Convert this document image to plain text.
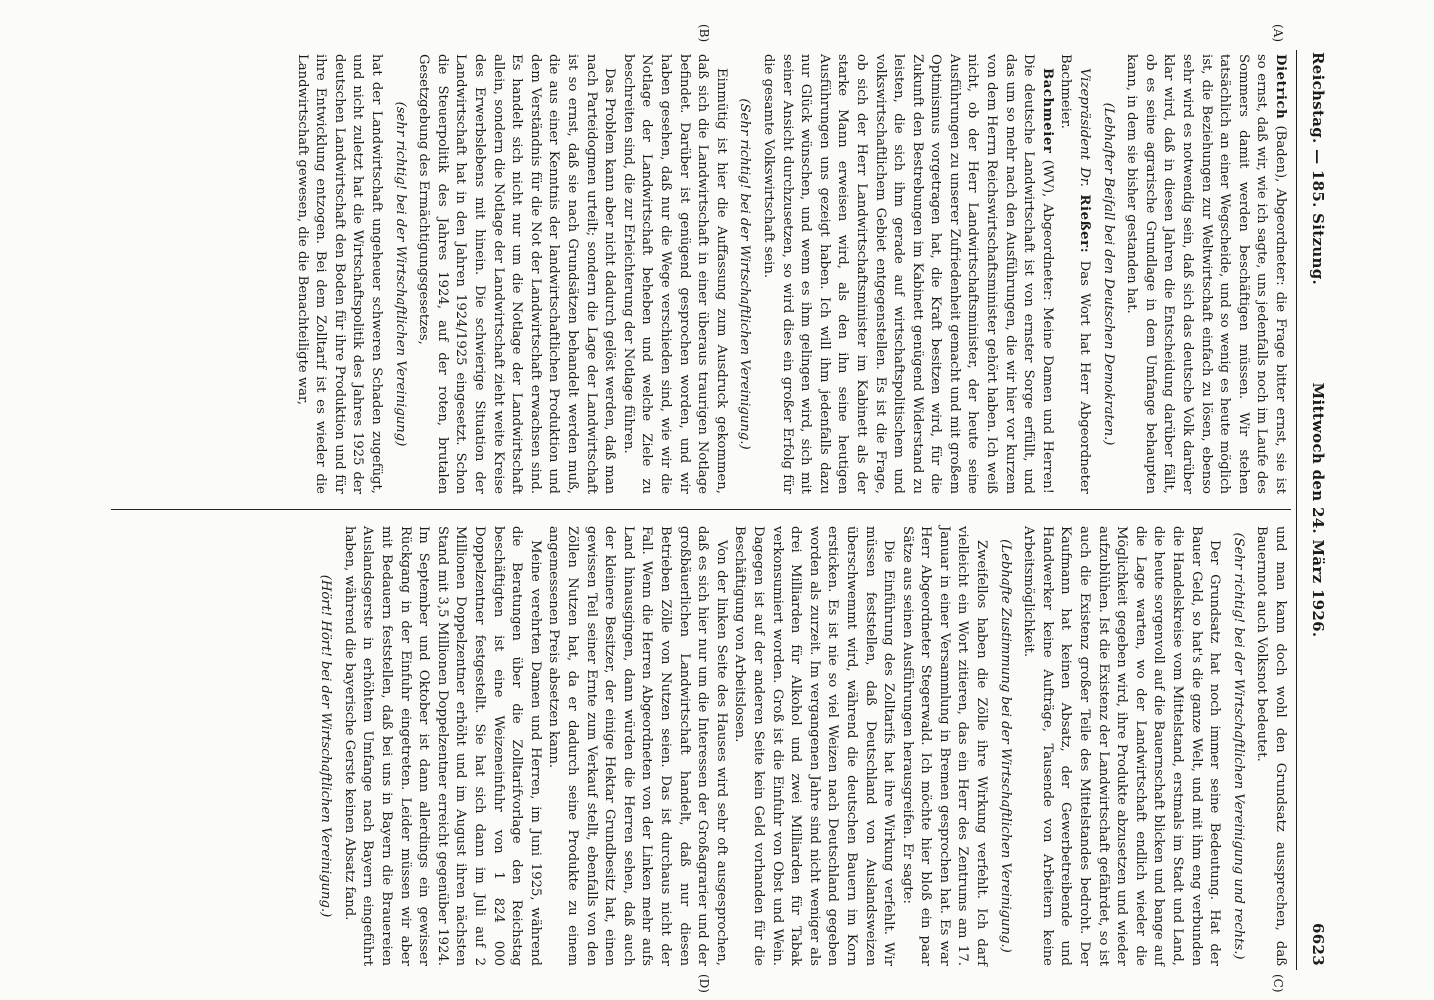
Reichstag. — 185. Sitzung.
Mittwoch den 24. März 1926.
6623
(A)
(B)
(C)
(D)

Dietrich (Baden), Abgeordneter: die Frage bitter ernst, sie ist so ernst, daß wir, wie ich sagte, uns jedenfalls noch im Laufe des Sommers damit werden beschäftigen müssen. Wir stehen tatsächlich an einer Wegscheide, und so wenig es heute möglich ist, die Beziehungen zur Weltwirtschaft einfach zu lösen, ebenso sehr wird es notwendig sein, daß sich das deutsche Volk darüber klar wird, daß in diesen Jahren die Entscheidung darüber fällt, ob es seine agrarische Grundlage in dem Umfange behaupten kann, in dem sie bisher gestanden hat.

(Lebhafter Beifall bei den Deutschen Demokraten.)

Vizepräsident Dr. Rießer: Das Wort hat Herr Abgeordneter Bachmeier.

Bachmeier (WV), Abgeordneter: Meine Damen und Herren! Die deutsche Landwirtschaft ist von ernster Sorge erfüllt, und das um so mehr nach den Ausführungen, die wir hier vor kurzem von dem Herrn Reichswirtschaftsminister gehört haben. Ich weiß nicht, ob der Herr Landwirtschaftsminister, der heute seine Ausführungen zu unserer Zufriedenheit gemacht und mit großem Optimismus vorgetragen hat, die Kraft besitzen wird, für die Zukunft den Bestrebungen im Kabinett genügend Widerstand zu leisten, die sich ihm gerade auf wirtschaftspolitischem und volkswirtschaftlichem Gebiet entgegenstellen. Es ist die Frage, ob sich der Herr Landwirtschaftsminister im Kabinett als der starke Mann erweisen wird, als den ihn seine heutigen Ausführungen uns gezeigt haben. Ich will ihm jedenfalls dazu nur Glück wünschen, und wenn es ihm gelingen wird, sich mit seiner Ansicht durchzusetzen, so wird dies ein großer Erfolg für die gesamte Volkswirtschaft sein.

(Sehr richtig! bei der Wirtschaftlichen Vereinigung.)

Einmütig ist hier die Auffassung zum Ausdruck gekommen, daß sich die Landwirtschaft in einer überaus traurigen Notlage befindet. Darüber ist genügend gesprochen worden, und wir haben gesehen, daß nur die Wege verschieden sind, wie wir die Notlage der Landwirtschaft beheben und welche Ziele zu beschreiten sind, die zur Erleichterung der Notlage führen.

Das Problem kann aber nicht dadurch gelöst werden, daß man nach Parteidogmen urteilt; sondern die Lage der Landwirtschaft ist so ernst, daß sie nach Grundsätzen behandelt werden muß, die aus einer Kenntnis der landwirtschaftlichen Produktion und dem Verständnis für die Not der Landwirtschaft erwachsen sind. Es handelt sich nicht nur um die Notlage der Landwirtschaft allein, sondern die Notlage der Landwirtschaft zieht weite Kreise des Erwerbslebens mit hinein. Die schwierige Situation der Landwirtschaft hat in den Jahren 1924/1925 eingesetzt. Schon die Steuerpolitik des Jahres 1924, auf der roten, brutalen Gesetzgebung des Ermächtigungsgesetzes,

(sehr richtig! bei der Wirtschaftlichen Vereinigung)

hat der Landwirtschaft ungeheuer schweren Schaden zugefügt, und nicht zuletzt hat die Wirtschaftspolitik des Jahres 1925 der deutschen Landwirtschaft den Boden für ihre Produktion und für ihre Entwicklung entzogen. Bei dem Zolltarif ist es wieder die Landwirtschaft gewesen, die die Benachteiligte war,

und man kann doch wohl den Grundsatz aussprechen, daß Bauernnot auch Volksnot bedeutet.

(Sehr richtig! bei der Wirtschaftlichen Vereinigung und rechts.)

Der Grundsatz hat noch immer seine Bedeutung. Hat der Bauer Geld, so hat's die ganze Welt, und mit ihm eng verbunden die Handelskreise vom Mittelstand, erstmals im Stadt und Land, die heute sorgenvoll auf die Bauernschaft blicken und bange auf die Lage warten, wo der Landwirtschaft endlich wieder die Möglichkeit gegeben wird, ihre Produkte abzusetzen und wieder aufzublühen. Ist die Existenz der Landwirtschaft gefährdet, so ist auch die Existenz großer Teile des Mittelstandes bedroht. Der Kaufmann hat keinen Absatz, der Gewerbetreibende und Handwerker keine Aufträge, Tausende von Arbeitern keine Arbeitsmöglichkeit.

(Lebhafte Zustimmung bei der Wirtschaftlichen Vereinigung.)

Zweifellos haben die Zölle ihre Wirkung verfehlt. Ich darf vielleicht ein Wort zitieren, das ein Herr des Zentrums am 17. Januar in einer Versammlung in Bremen gesprochen hat. Es war Herr Abgeordneter Stegerwald. Ich möchte hier bloß ein paar Sätze aus seinen Ausführungen herausgreifen. Er sagte:

Die Einführung des Zolltarifs hat ihre Wirkung verfehlt. Wir müssen feststellen, daß Deutschland von Auslandsweizen überschwemmt wird, während die deutschen Bauern im Korn ersticken. Es ist nie so viel Weizen nach Deutschland gegeben worden als zurzeit. Im vergangenen Jahre sind nicht weniger als drei Milliarden für Alkohol und zwei Milliarden für Tabak verkonsumiert worden. Groß ist die Einfuhr von Obst und Wein. Dagegen ist auf der anderen Seite kein Geld vorhanden für die Beschäftigung von Arbeitslosen.

Von der linken Seite des Hauses wird sehr oft ausgesprochen, daß es sich hier nur um die Interessen der Großagrarier und der großbäuerlichen Landwirtschaft handelt, daß nur diesen Betrieben Zölle von Nutzen seien. Das ist durchaus nicht der Fall. Wenn die Herren Abgeordneten von der Linken mehr aufs Land hinausgingen, dann würden die Herren sehen, daß auch der kleinere Besitzer, der einige Hektar Grundbesitz hat, einen gewissen Teil seiner Ernte zum Verkauf stellt, ebenfalls von den Zöllen Nutzen hat, da er dadurch seine Produkte zu einem angemessenen Preis absetzen kann.

Meine verehrten Damen und Herren, im Juni 1925, während die Beratungen über die Zolltarifvorlage den Reichstag beschäftigten ist eine Weizeneinfuhr von 1 824 000 Doppelzentner festgestellt. Sie hat sich dann im Juli auf 2 Millionen Doppelzentner erhöht und im August ihren nächsten Stand mit 3,5 Millionen Doppelzentner erreicht gegenüber 1924. Im September und Oktober ist dann allerdings ein gewisser Rückgang in der Einfuhr eingetreten. Leider müssen wir aber mit Bedauern feststellen, daß bei uns in Bayern die Brauereien Auslandsgerste in erhöhtem Umfange nach Bayern eingeführt haben, während die bayerische Gerste keinen Absatz fand.

(Hört! Hört! bei der Wirtschaftlichen Vereinigung.)
